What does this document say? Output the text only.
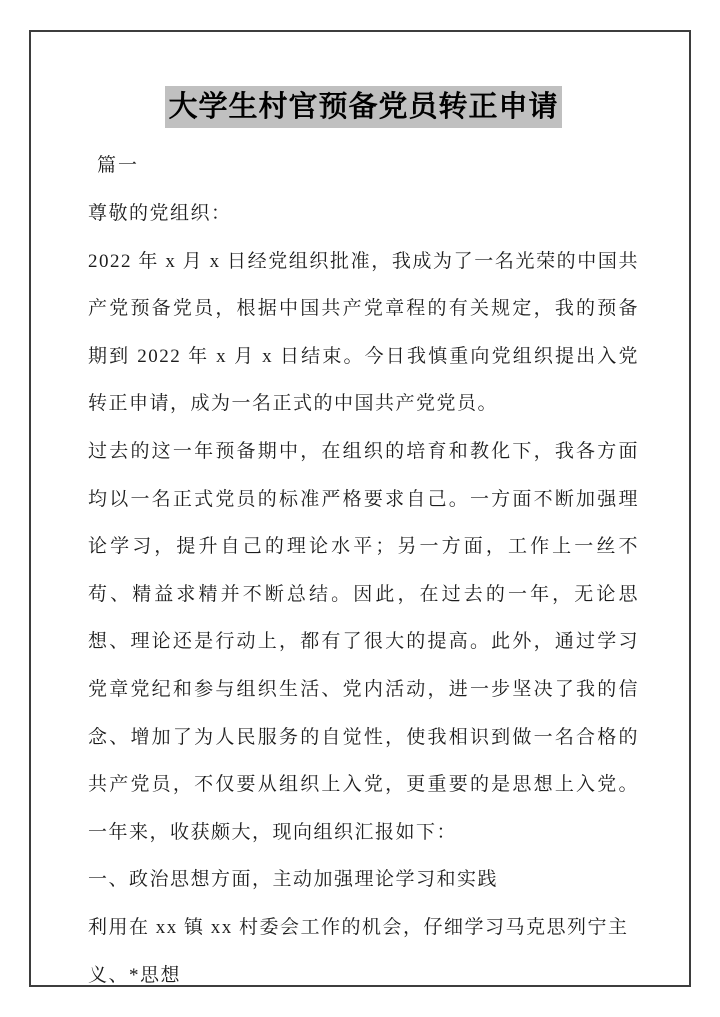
大学生村官预备党员转正申请

篇一

尊敬的党组织：

2022 年 x 月 x 日经党组织批准，我成为了一名光荣的中国共产党预备党员，根据中国共产党章程的有关规定，我的预备期到 2022 年 x 月 x 日结束。今日我慎重向党组织提出入党转正申请，成为一名正式的中国共产党党员。

过去的这一年预备期中，在组织的培育和教化下，我各方面均以一名正式党员的标准严格要求自己。一方面不断加强理论学习，提升自己的理论水平；另一方面，工作上一丝不苟、精益求精并不断总结。因此，在过去的一年，无论思想、理论还是行动上，都有了很大的提高。此外，通过学习党章党纪和参与组织生活、党内活动，进一步坚决了我的信念、增加了为人民服务的自觉性，使我相识到做一名合格的共产党员，不仅要从组织上入党，更重要的是思想上入党。一年来，收获颇大，现向组织汇报如下：

一、政治思想方面，主动加强理论学习和实践

利用在 xx 镇 xx 村委会工作的机会，仔细学习马克思列宁主义、*思想
